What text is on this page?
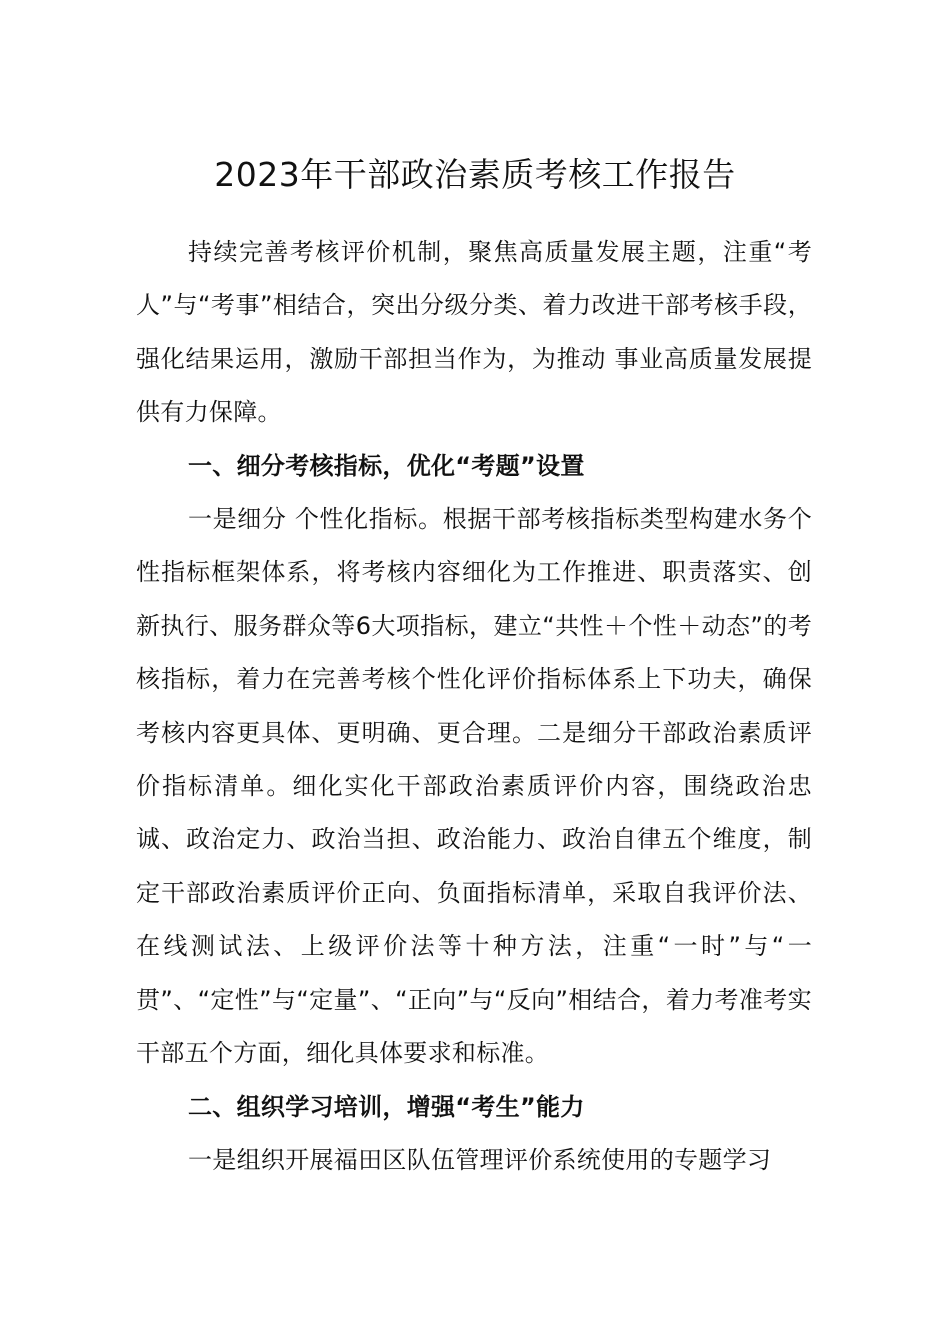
2023年干部政治素质考核工作报告

持续完善考核评价机制，聚焦高质量发展主题，注重“考人”与“考事”相结合，突出分级分类、着力改进干部考核手段，强化结果运用，激励干部担当作为，为推动 事业高质量发展提供有力保障。

一、细分考核指标，优化“考题”设置

一是细分 个性化指标。根据干部考核指标类型构建水务个性指标框架体系，将考核内容细化为工作推进、职责落实、创新执行、服务群众等6大项指标，建立“共性＋个性＋动态”的考核指标，着力在完善考核个性化评价指标体系上下功夫，确保考核内容更具体、更明确、更合理。二是细分干部政治素质评价指标清单。细化实化干部政治素质评价内容，围绕政治忠诚、政治定力、政治当担、政治能力、政治自律五个维度，制定干部政治素质评价正向、负面指标清单，采取自我评价法、在线测试法、上级评价法等十种方法，注重“一时”与“一贯”、“定性”与“定量”、“正向”与“反向”相结合，着力考准考实干部五个方面，细化具体要求和标准。

二、组织学习培训，增强“考生”能力

一是组织开展福田区队伍管理评价系统使用的专题学习
